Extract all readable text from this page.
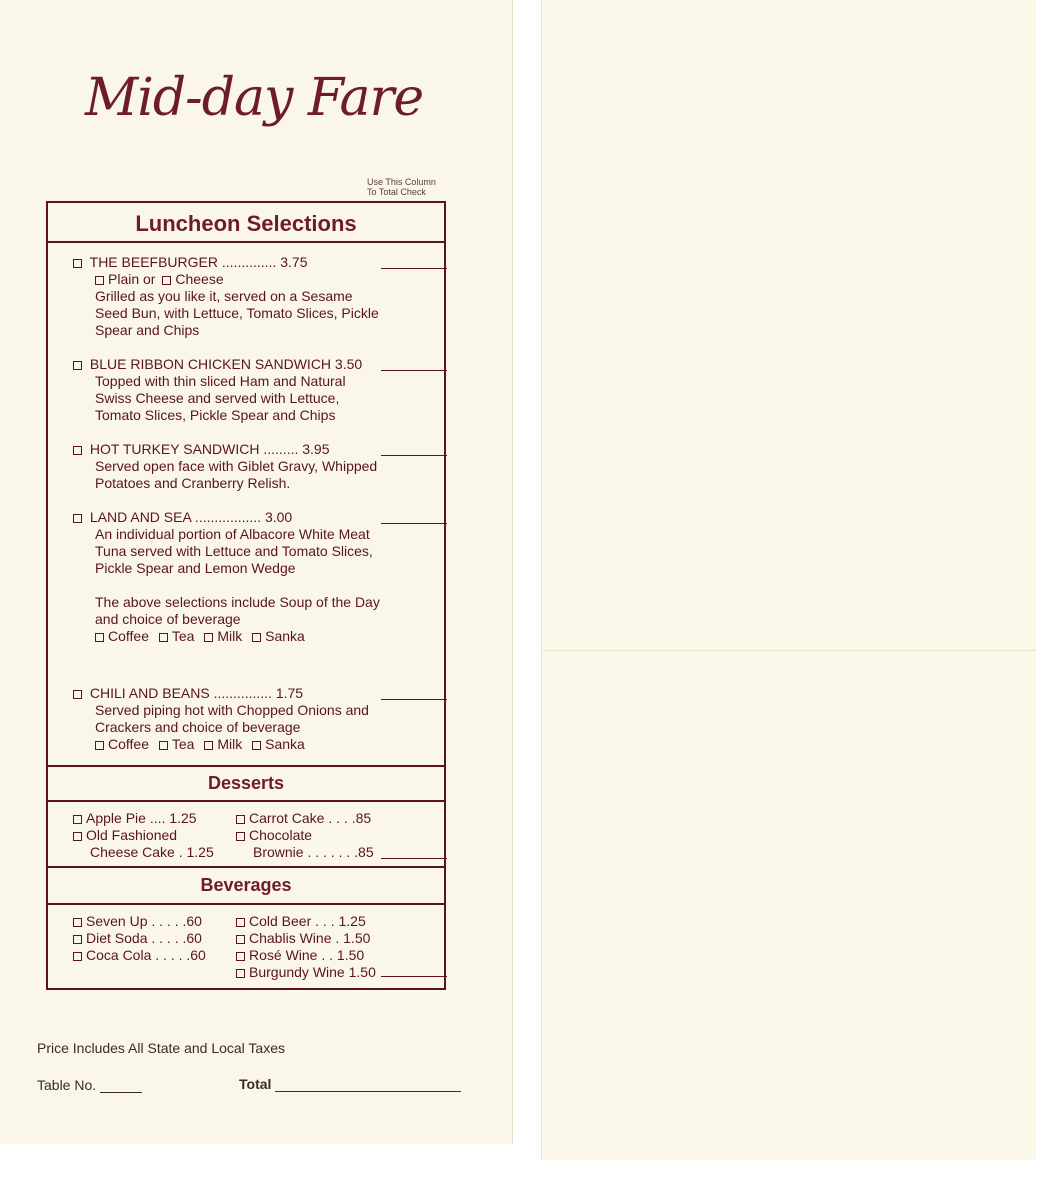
Mid-day Fare
Use This Column
To Total Check
Luncheon Selections
THE BEEFBURGER .............. 3.75
Plain or Cheese
Grilled as you like it, served on a Sesame
Seed Bun, with Lettuce, Tomato Slices, Pickle
Spear and Chips
BLUE RIBBON CHICKEN SANDWICH 3.50
Topped with thin sliced Ham and Natural
Swiss Cheese and served with Lettuce,
Tomato Slices, Pickle Spear and Chips
HOT TURKEY SANDWICH ......... 3.95
Served open face with Giblet Gravy, Whipped
Potatoes and Cranberry Relish.
LAND AND SEA ................. 3.00
An individual portion of Albacore White Meat
Tuna served with Lettuce and Tomato Slices,
Pickle Spear and Lemon Wedge
The above selections include Soup of the Day
and choice of beverage
Coffee Tea Milk Sanka
CHILI AND BEANS ............... 1.75
Served piping hot with Chopped Onions and
Crackers and choice of beverage
Coffee Tea Milk Sanka
Desserts
Apple Pie .... 1.25
Old Fashioned
Cheese Cake . 1.25
Carrot Cake . . . .85
Chocolate
Brownie . . . . . . .85
Beverages
Seven Up . . . . .60
Diet Soda . . . . .60
Coca Cola . . . . .60
Cold Beer . . . 1.25
Chablis Wine . 1.50
Rosé Wine . . 1.50
Burgundy Wine 1.50
Price Includes All State and Local Taxes
Table No.	Total
